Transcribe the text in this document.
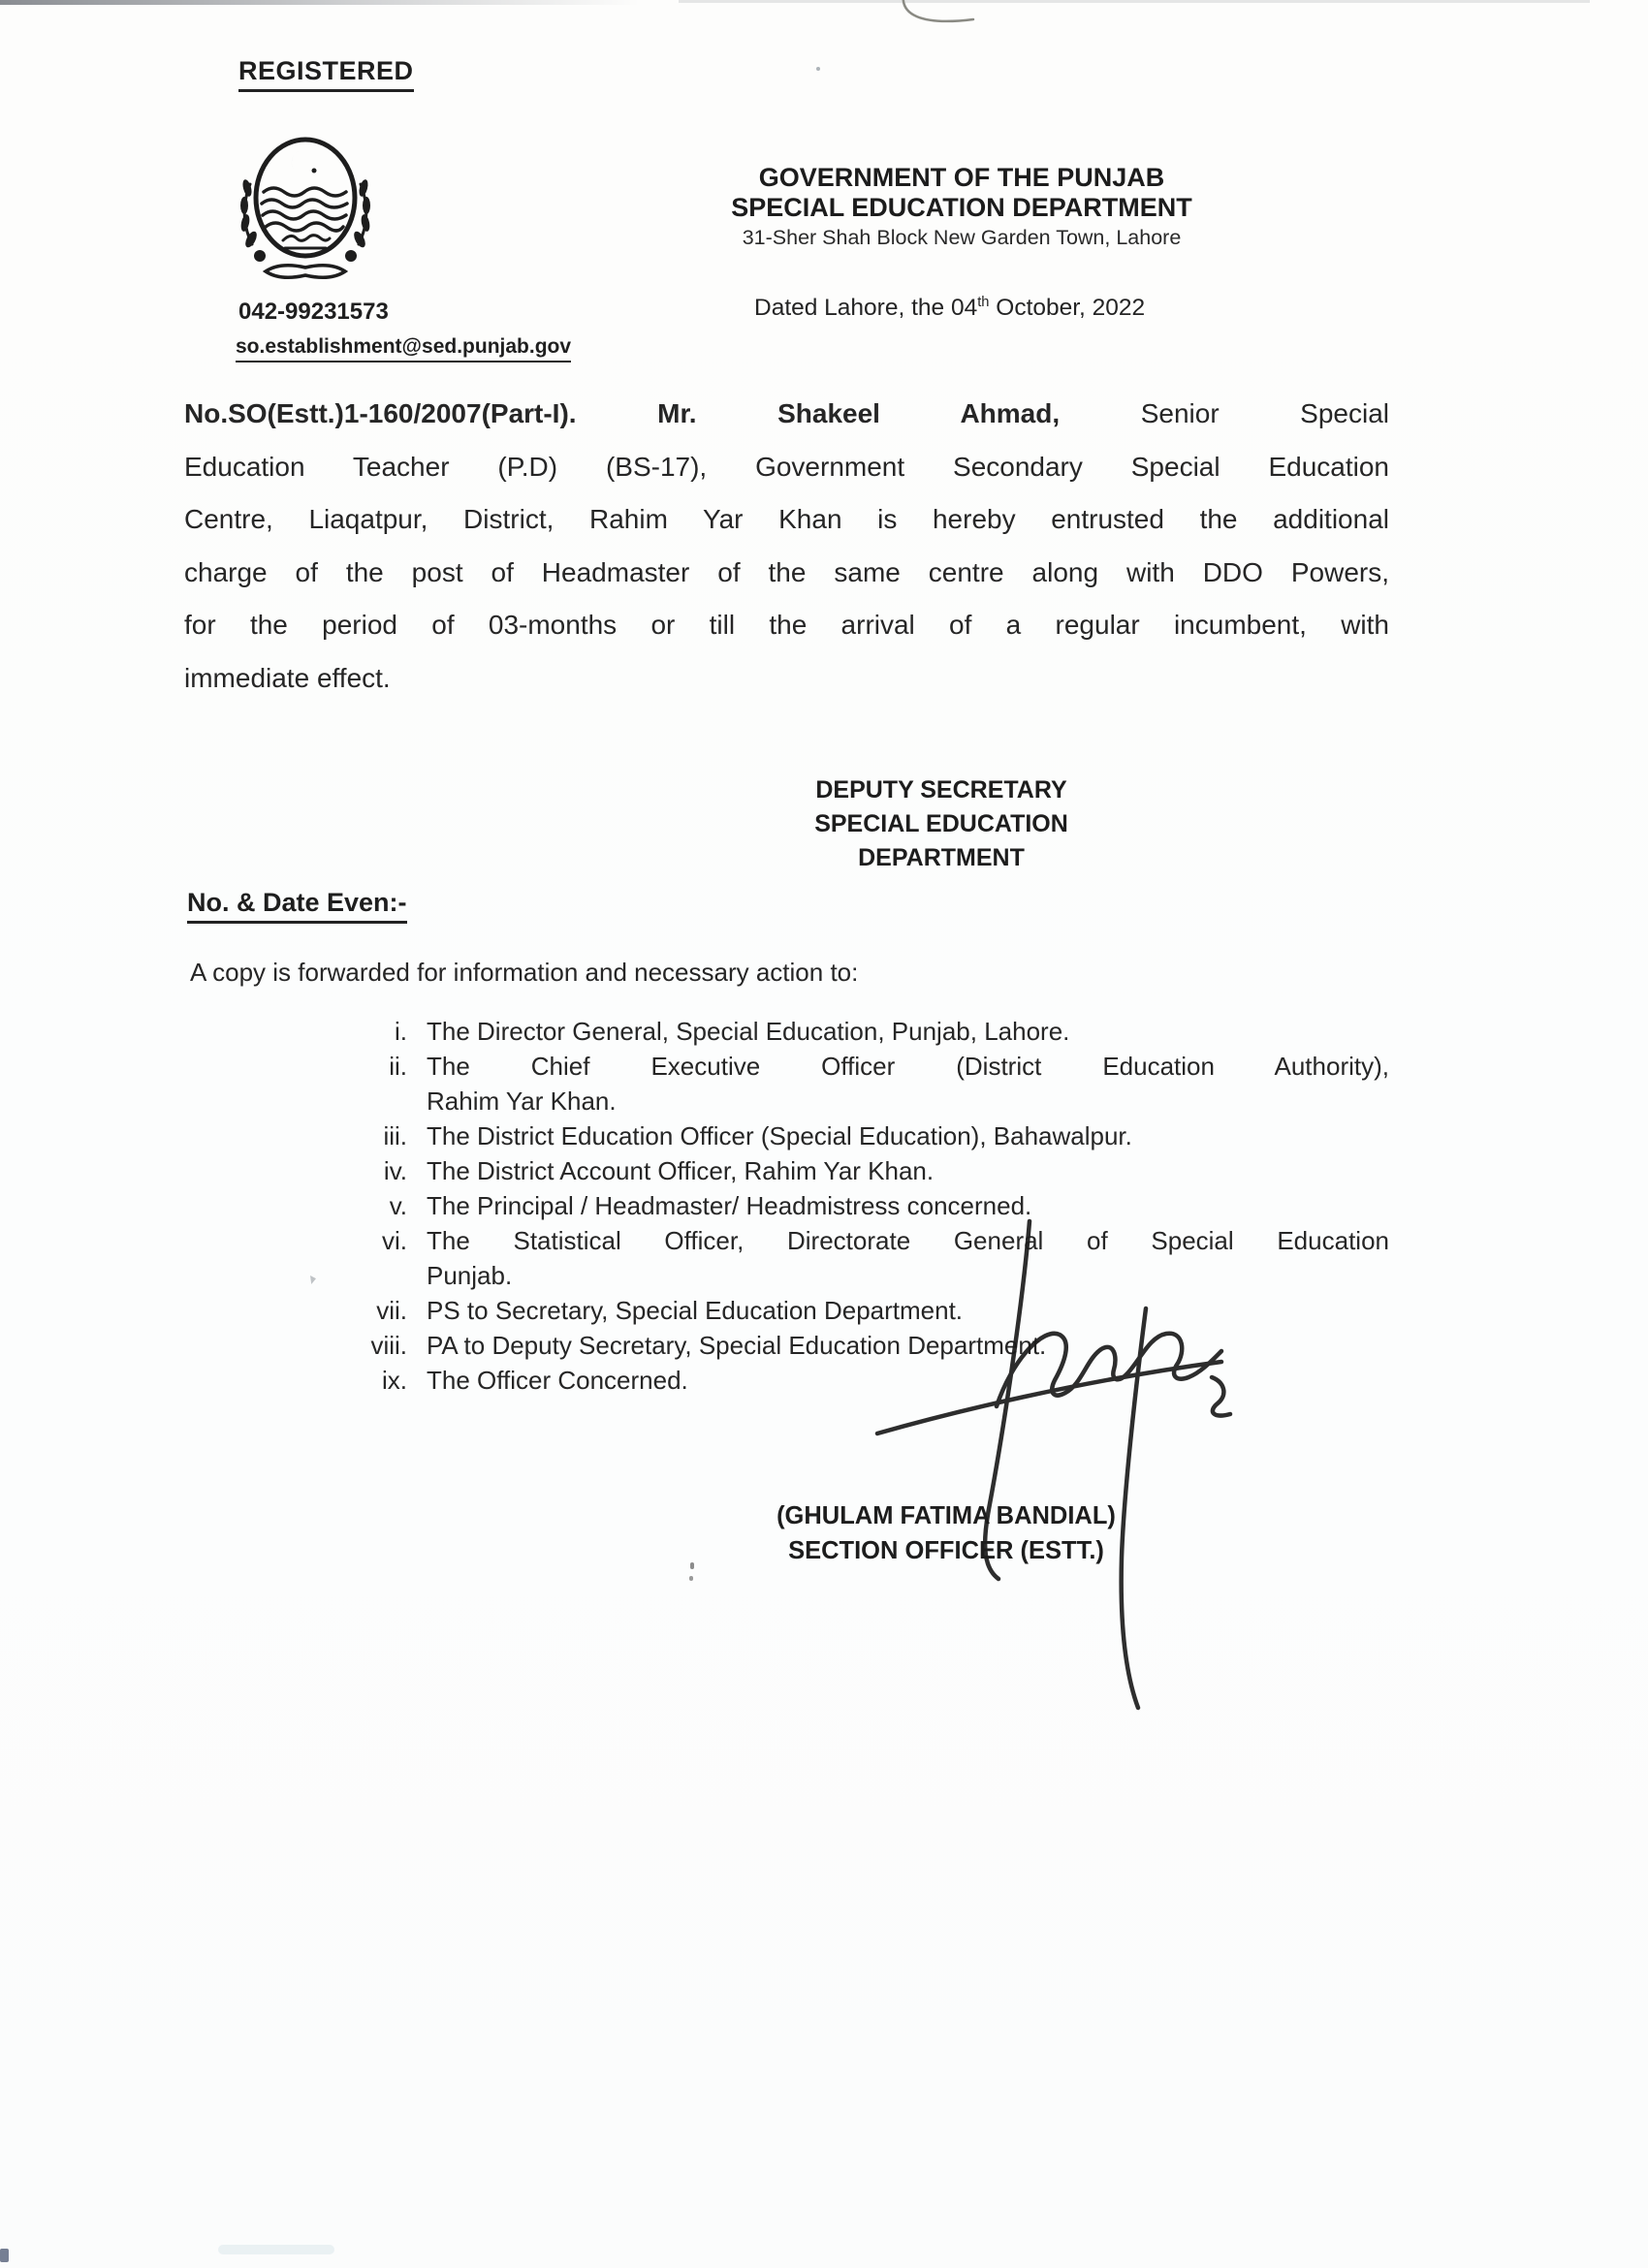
REGISTERED
042-99231573
so.establishment@sed.punjab.gov
GOVERNMENT OF THE PUNJAB
SPECIAL EDUCATION DEPARTMENT
31-Sher Shah Block New Garden Town, Lahore
Dated Lahore, the 04th October, 2022
No.SO(Estt.)1-160/2007(Part-I).	Mr. Shakeel Ahmad,	Senior Special
Education Teacher (P.D) (BS-17), Government Secondary Special Education
Centre, Liaqatpur, District, Rahim Yar Khan is hereby entrusted the additional
charge of the post of Headmaster of the same centre along with DDO Powers,
for the period of 03-months or till the arrival of a regular incumbent, with
immediate effect.
DEPUTY SECRETARY
SPECIAL EDUCATION
DEPARTMENT
No. & Date Even:-
A copy is forwarded for information and necessary action to:
i. The Director General, Special Education, Punjab, Lahore.
ii. The Chief Executive Officer (District Education Authority),
Rahim Yar Khan.
iii. The District Education Officer (Special Education), Bahawalpur.
iv. The District Account Officer, Rahim Yar Khan.
v. The Principal / Headmaster/ Headmistress concerned.
vi. The Statistical Officer, Directorate General of Special Education
Punjab.
vii. PS to Secretary, Special Education Department.
viii. PA to Deputy Secretary, Special Education Department.
ix. The Officer Concerned.
(GHULAM FATIMA BANDIAL)
SECTION OFFICER (ESTT.)
